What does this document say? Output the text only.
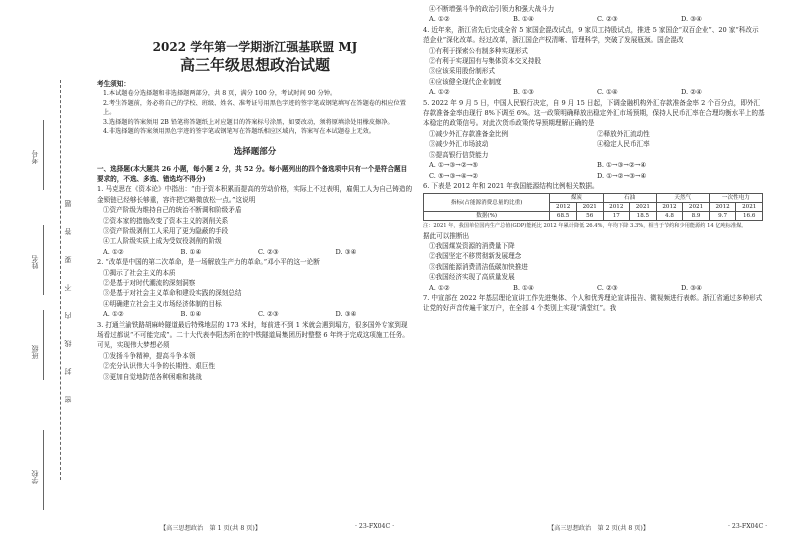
考号
姓名
班级
学校
题
答
要
不
内
线
封
密
2022 学年第一学期浙江强基联盟 MJ
高三年级思想政治试题
考生须知：
1.本试题卷分选择题和非选择题两部分，共 8 页，满分 100 分，考试时间 90 分钟。
2.考生答题前，务必将自己的学校、班级、姓名、准考证号用黑色字迹的签字笔或钢笔填写在答题卷的相应位置上。
3.选择题的答案须用 2B 铅笔将答题纸上对应题目的答案标号涂黑，如要改动，须将原填涂处用橡皮擦净。
4.非选择题的答案须用黑色字迹的签字笔或钢笔写在答题纸相应区域内，答案写在本试题卷上无效。
选择题部分
一、选择题(本大题共 26 小题，每小题 2 分，共 52 分。每小题列出的四个备选项中只有一个是符合题目要求的，不选、多选、错选均不得分)
1. 马克思在《资本论》中指出：“由于资本积累而提高的劳动价格，实际上不过表明，雇佣工人为自己铸造的金锁链已经够长够重，容许把它略微放松一点。”这说明
①资产阶级为维持自己的统治不断调和阶级矛盾
②资本家的措施改变了资本主义的剥削关系
③资产阶级剥削工人采用了更为隐蔽的手段
④工人阶级实质上成为受奴役剥削的阶级
A. ①②	B. ①④	C. ②③	D. ③④
2. “改革是中国的第二次革命，是一场解放生产力的革命。”邓小平的这一论断
①揭示了社会主义的本质
②是基于对时代潮流的深刻洞察
③是基于对社会主义革命和建设实践的深刻总结
④明确建立社会主义市场经济体制的目标
A. ①②	B. ①④	C. ②③	D. ③④
3. 打通兰渝铁路胡麻岭隧道最后特殊地层的 173 米时，每前进不到 1 米就会遇到塌方，很多国外专家到现场看过都说“不可能完成”。二十大代表李阳杰所在的中铁隧道局集团历时整整 6 年终于完成这项施工任务。可见，实现伟大梦想必须
①发扬斗争精神，提高斗争本领
②充分认识伟大斗争的长期性、艰巨性
③更加自觉地防范各种困难和挑战
【高三思想政治　第 1 页(共 8 页)】	· 23-FX04C ·
④不断增强斗争的政治引领力和强大战斗力
A. ①②	B. ①④	C. ②③	D. ③④
4. 近年来，浙江省先后完成全省 5 家国企混改试点，9 家员工持股试点，推进 5 家国企“双百企业”、20 家“科改示范企业”深化改革。经过改革，浙江国企产权清晰、管理科学，突破了发展瓶颈。国企混改
①有利于探索公有制多种实现形式
②有利于实现国有与集体资本交叉持股
③应该采用股份制形式
④应该健全现代企业制度
A. ①②	B. ①③	C. ①④	D. ②④
5. 2022 年 9 月 5 日，中国人民银行决定，自 9 月 15 日起，下调金融机构外汇存款准备金率 2 个百分点，即外汇存款准备金率由现行 8%下调至 6%。这一政策明确释放出稳定外汇市场预期，保持人民币汇率在合理均衡水平上的基本稳定的政策信号。对此次货币政策传导预期理解正确的是
①减少外汇存款准备金比例	②释放外汇流动性
③减少外汇市场波动	④稳定人民币汇率
⑤提高银行信贷能力
A. ①→③→②→⑤	B. ①→③→②→④
C. ⑤→③→④→②	D. ①→②→③→④
6. 下表是 2012 年和 2021 年我国能源结构比例相关数据。
指标(占能源消费总量的比重)	煤炭		石油		天然气		一次性电力	
	2012	2021	2012	2021	2012	2021	2012	2021
数据(%)	68.5	56	17	18.5	4.8	8.9	9.7	16.6
注：2021 年，我国单位国内生产总值(GDP)能耗比 2012 年累计降低 26.4%，年均下降 3.3%，相当于节约和少用能源约 14 亿吨标准煤。
据此可以推断出
①我国煤炭资源的消费量下降
②我国坚定不移贯彻新发展理念
③我国能源消费清洁低碳加快推进
④我国经济实现了高质量发展
A. ①②	B. ①④	C. ②③	D. ③④
7. 中宣部在 2022 年基层理论宣讲工作先进集体、个人和优秀理论宣讲报告、微视频进行表彰。浙江省通过多种形式让党的好声音传遍千家万户，在全部 4 个类别上实现“满堂红”。我
【高三思想政治　第 2 页(共 8 页)】	· 23-FX04C ·
